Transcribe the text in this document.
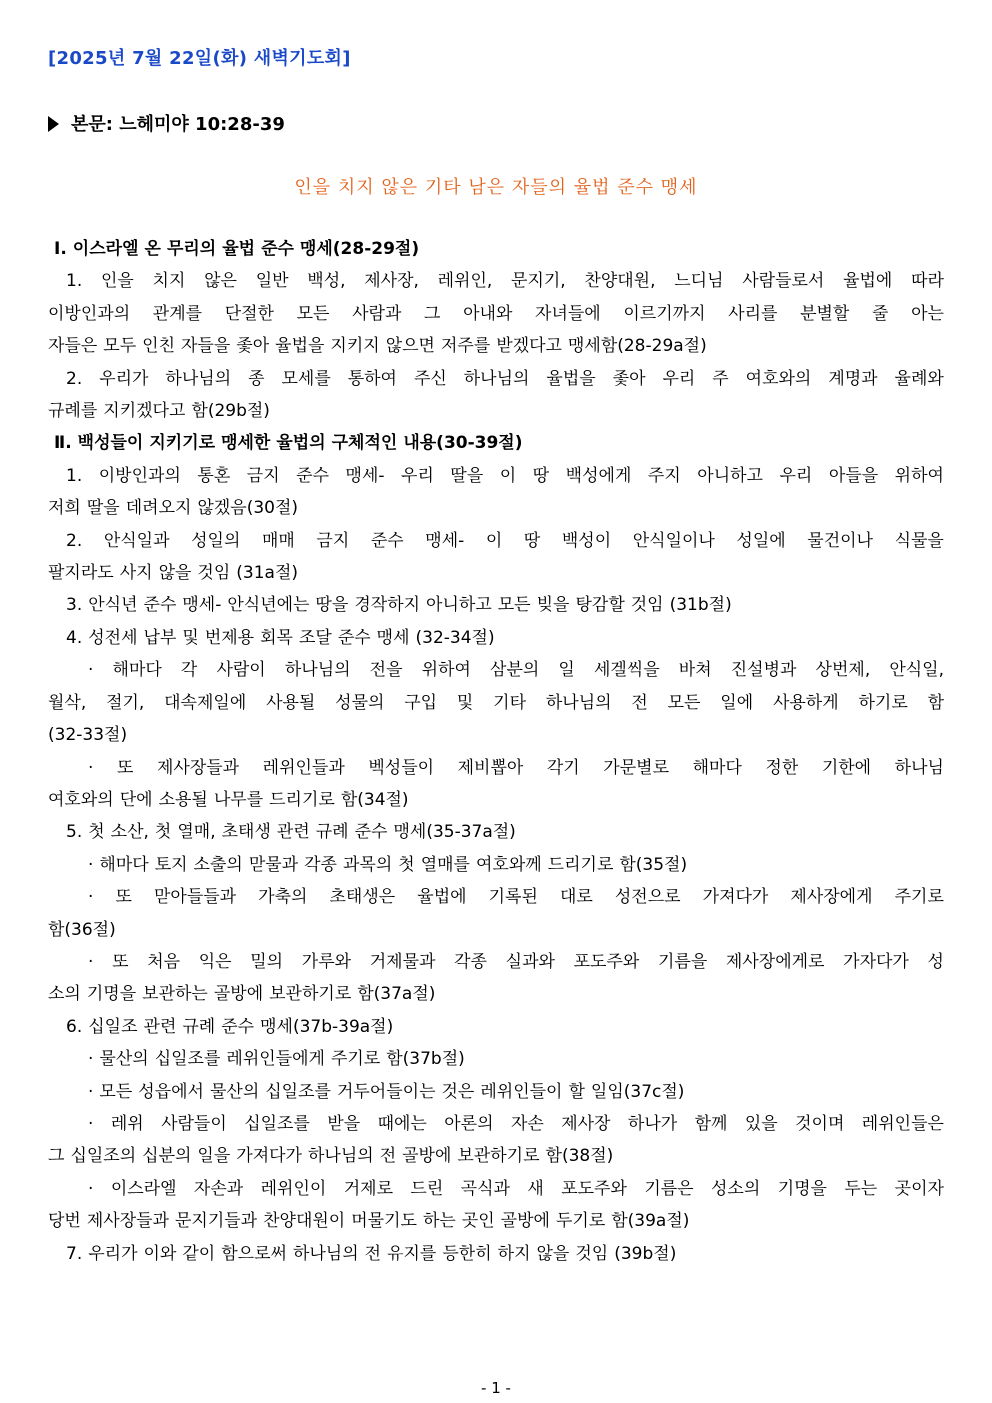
[2025년 7월 22일(화) 새벽기도회]
본문: 느헤미야 10:28-39
인을 치지 않은 기타 남은 자들의 율법 준수 맹세
Ⅰ. 이스라엘 온 무리의 율법 준수 맹세(28-29절)
1. 인을 치지 않은 일반 백성, 제사장, 레위인, 문지기, 찬양대원, 느디님 사람들로서 율법에 따라
이방인과의 관계를 단절한 모든 사람과 그 아내와 자녀들에 이르기까지 사리를 분별할 줄 아는
자들은 모두 인친 자들을 좇아 율법을 지키지 않으면 저주를 받겠다고 맹세함(28-29a절)
2. 우리가 하나님의 종 모세를 통하여 주신 하나님의 율법을 좇아 우리 주 여호와의 계명과 율례와
규례를 지키겠다고 함(29b절)
Ⅱ. 백성들이 지키기로 맹세한 율법의 구체적인 내용(30-39절)
1. 이방인과의 통혼 금지 준수 맹세- 우리 딸을 이 땅 백성에게 주지 아니하고 우리 아들을 위하여
저희 딸을 데려오지 않겠음(30절)
2. 안식일과 성일의 매매 금지 준수 맹세- 이 땅 백성이 안식일이나 성일에 물건이나 식물을
팔지라도 사지 않을 것임 (31a절)
3. 안식년 준수 맹세- 안식년에는 땅을 경작하지 아니하고 모든 빚을 탕감할 것임 (31b절)
4. 성전세 납부 및 번제용 회목 조달 준수 맹세 (32-34절)
· 해마다 각 사람이 하나님의 전을 위하여 삼분의 일 세겔씩을 바쳐 진설병과 상번제, 안식일,
월삭, 절기, 대속제일에 사용될 성물의 구입 및 기타 하나님의 전 모든 일에 사용하게 하기로 함
(32-33절)
· 또 제사장들과 레위인들과 벡성들이 제비뽑아 각기 가문별로 해마다 정한 기한에 하나님
여호와의 단에 소용될 나무를 드리기로 함(34절)
5. 첫 소산, 첫 열매, 초태생 관련 규례 준수 맹세(35-37a절)
· 해마다 토지 소출의 맏물과 각종 과목의 첫 열매를 여호와께 드리기로 함(35절)
· 또 맏아들들과 가축의 초태생은 율법에 기록된 대로 성전으로 가져다가 제사장에게 주기로
함(36절)
· 또 처음 익은 밀의 가루와 거제물과 각종 실과와 포도주와 기름을 제사장에게로 가자다가 성
소의 기명을 보관하는 골방에 보관하기로 함(37a절)
6. 십일조 관련 규례 준수 맹세(37b-39a절)
· 물산의 십일조를 레위인들에게 주기로 함(37b절)
· 모든 성읍에서 물산의 십일조를 거두어들이는 것은 레위인들이 할 일임(37c절)
· 레위 사람들이 십일조를 받을 때에는 아론의 자손 제사장 하나가 함께 있을 것이며 레위인들은
그 십일조의 십분의 일을 가져다가 하나님의 전 골방에 보관하기로 함(38절)
· 이스라엘 자손과 레위인이 거제로 드린 곡식과 새 포도주와 기름은 성소의 기명을 두는 곳이자
당번 제사장들과 문지기들과 찬양대원이 머물기도 하는 곳인 골방에 두기로 함(39a절)
7. 우리가 이와 같이 함으로써 하나님의 전 유지를 등한히 하지 않을 것임 (39b절)
- 1 -
